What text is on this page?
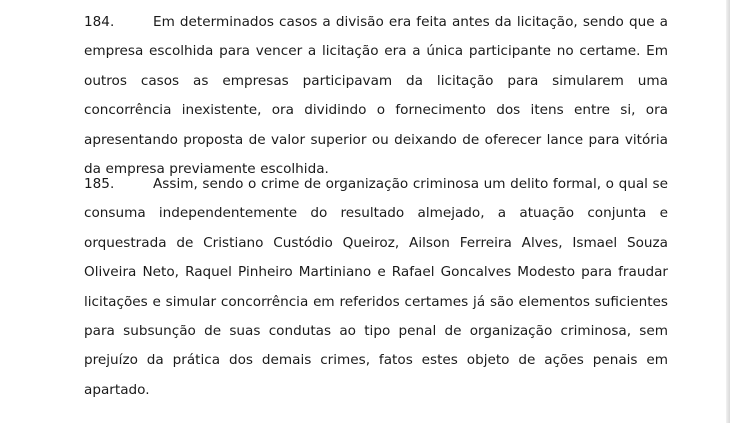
184.	Em determinados casos a divisão era feita antes da licitação, sendo que a empresa escolhida para vencer a licitação era a única participante no certame. Em outros casos as empresas participavam da licitação para simularem uma concorrência inexistente, ora dividindo o fornecimento dos itens entre si, ora apresentando proposta de valor superior ou deixando de oferecer lance para vitória da empresa previamente escolhida.

185.	Assim, sendo o crime de organização criminosa um delito formal, o qual se consuma independentemente do resultado almejado, a atuação conjunta e orquestrada de Cristiano Custódio Queiroz, Ailson Ferreira Alves, Ismael Souza Oliveira Neto, Raquel Pinheiro Martiniano e Rafael Goncalves Modesto para fraudar licitações e simular concorrência em referidos certames já são elementos suficientes para subsunção de suas condutas ao tipo penal de organização criminosa, sem prejuízo da prática dos demais crimes, fatos estes objeto de ações penais em apartado.
